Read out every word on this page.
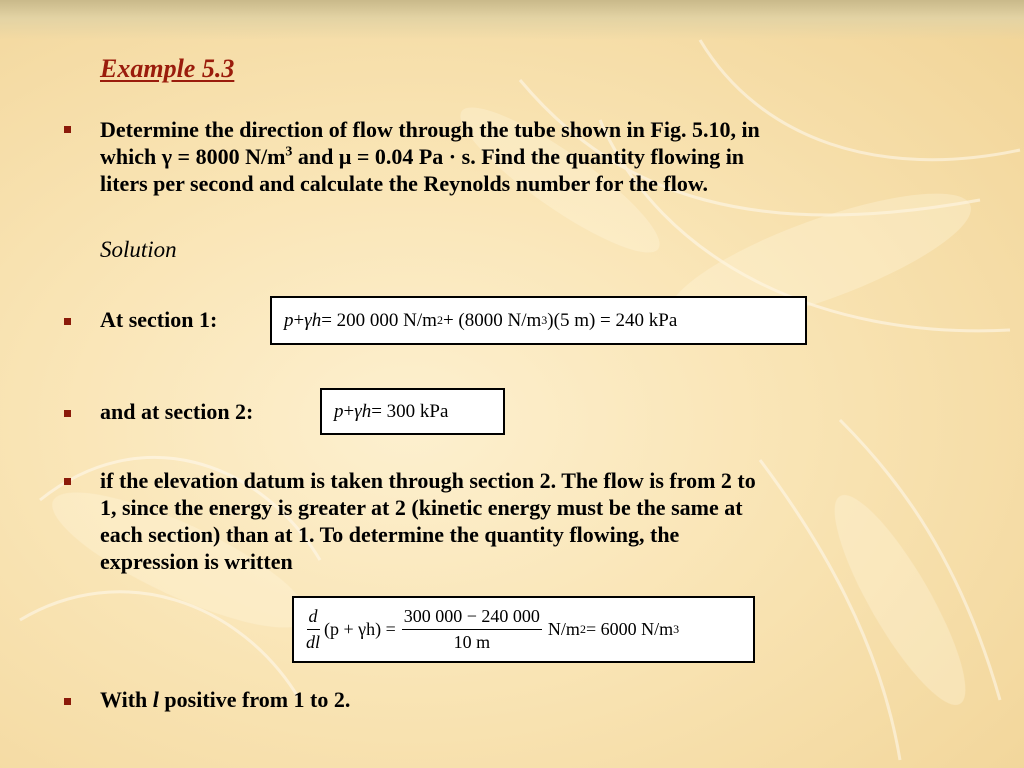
Example 5.3

Determine the direction of flow through the tube shown in Fig. 5.10, in
which γ = 8000 $N/m^3$ and μ = 0.04 Pa · s. Find the quantity flowing in
liters per second and calculate the Reynolds number for the flow.

Solution

At section 1:	p + γh = 200 000 N/m 2 + (8000 N/m 3 )(5 m) = 240 kPa

and at section 2:	p + γh = 300 kPa

if the elevation datum is taken through section 2. The flow is from 2 to
1, since the energy is greater at 2 (kinetic energy must be the same at
each section) than at 1. To determine the quantity flowing, the
expression is written

$\frac{d}{dl} (p + \gamma h) = \frac{300 000 - 240 000}{10 m} N/m$ 2 = 6000 N/m 3

With l positive from 1 to 2.
